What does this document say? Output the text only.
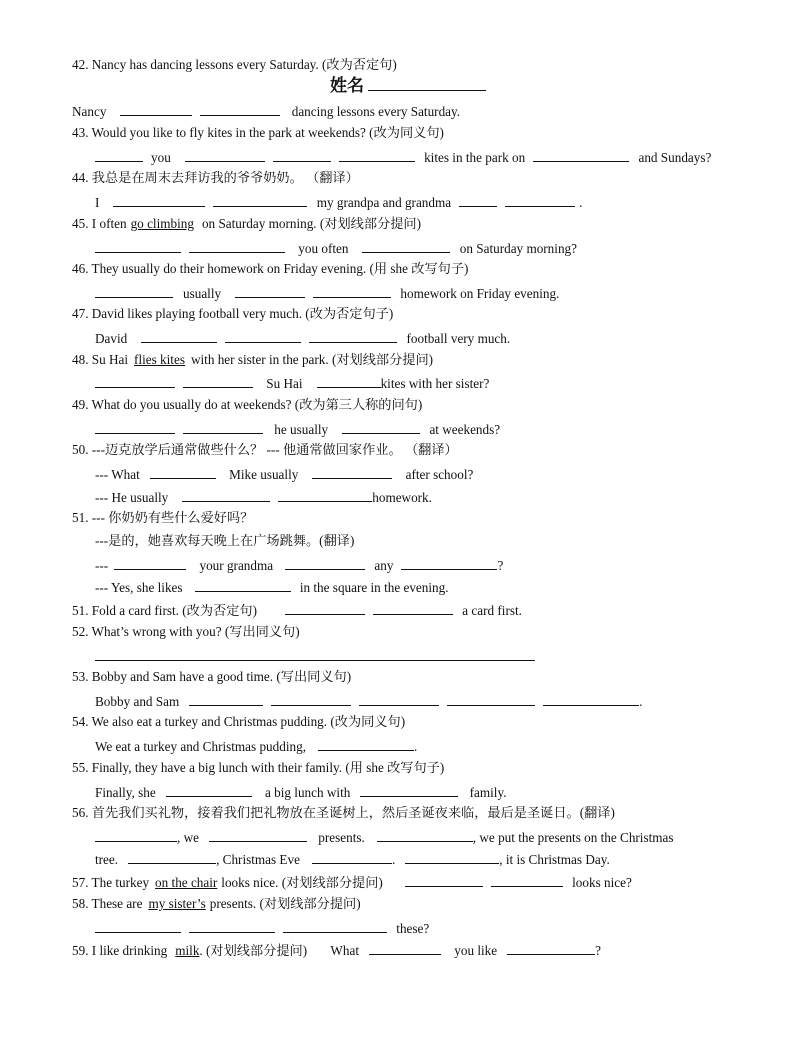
42. Nancy has dancing lessons every Saturday. (改为否定句)
姓名
Nancy	dancing lessons every Saturday.
43. Would you like to fly kites in the park at weekends? (改为同义句)
you	kites in the park on	and Sundays?
44. 我总是在周末去拜访我的爷爷奶奶。 （翻译）
I	my grandpa and grandma	.
45. I often go climbing on Saturday morning. (对划线部分提问)
you often	on Saturday morning?
46. They usually do their homework on Friday evening. (用 she 改写句子)
usually	homework on Friday evening.
47. David likes playing football very much. (改为否定句子)
David	football very much.
48. Su Hai flies kites with her sister in the park. (对划线部分提问)
Su Hai	kites with her sister?
49. What do you usually do at weekends? (改为第三人称的问句)
he usually	at weekends?
50. ---迈克放学后通常做些什么？ --- 他通常做回家作业。 （翻译）
--- What	Mike usually	after school?
--- He usually	homework.
51. --- 你奶奶有些什么爱好吗？
---是的，她喜欢每天晚上在广场跳舞。(翻译)
---	your grandma	any	?
--- Yes, she likes	in the square in the evening.
51. Fold a card first. (改为否定句)	a card first.
52. What’s wrong with you? (写出同义句)
53. Bobby and Sam have a good time. (写出同义句)
Bobby and Sam	.
54. We also eat a turkey and Christmas pudding. (改为同义句)
We eat a turkey and Christmas pudding,	.
55. Finally, they have a big lunch with their family. (用 she 改写句子)
Finally, she	a big lunch with	family.
56. 首先我们买礼物，接着我们把礼物放在圣诞树上，然后圣诞夜来临，最后是圣诞日。(翻译)
, we	presents.	, we put the presents on the Christmas
tree.	, Christmas Eve	.	, it is Christmas Day.
57. The turkey on the chair looks nice. (对划线部分提问)	looks nice?
58. These are my sister’s presents. (对划线部分提问)
these?
59. I like drinking milk. (对划线部分提问) What	you like	?
